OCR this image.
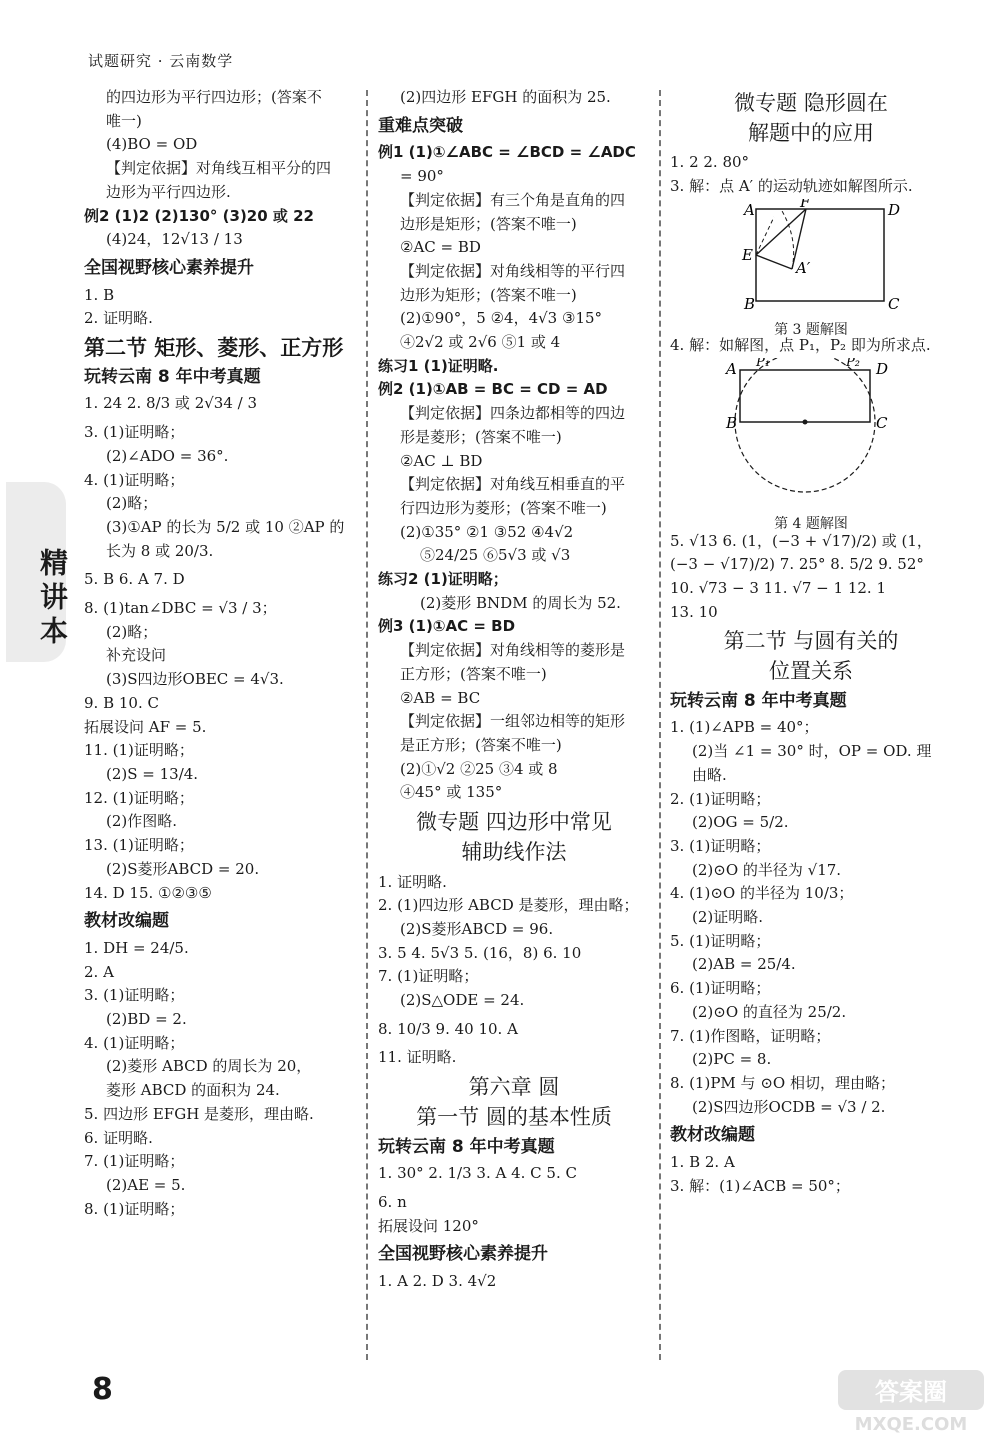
试题研究 · 云南数学
精讲本
的四边形为平行四边形；(答案不
唯一)
(4)BO = OD
【判定依据】对角线互相平分的四
边形为平行四边形.
例2 (1)2 (2)130° (3)20 或 22
(4)24，12√13 / 13
全国视野核心素养提升
1. B
2. 证明略.
第二节 矩形、菱形、正方形
玩转云南 8 年中考真题
1. 24 2. 8/3 或 2√34 / 3
3. (1)证明略；
(2)∠ADO = 36°.
4. (1)证明略；
(2)略；
(3)①AP 的长为 5/2 或 10 ②AP 的
长为 8 或 20/3.
5. B 6. A 7. D
8. (1)tan∠DBC = √3 / 3；
(2)略；
补充设问
(3)S四边形OBEC = 4√3.
9. B 10. C
拓展设问 AF = 5.
11. (1)证明略；
(2)S = 13/4.
12. (1)证明略；
(2)作图略.
13. (1)证明略；
(2)S菱形ABCD = 20.
14. D 15. ①②③⑤
教材改编题
1. DH = 24/5.
2. A
3. (1)证明略；
(2)BD = 2.
4. (1)证明略；
(2)菱形 ABCD 的周长为 20，
菱形 ABCD 的面积为 24.
5. 四边形 EFGH 是菱形，理由略.
6. 证明略.
7. (1)证明略；
(2)AE = 5.
8. (1)证明略；
(2)四边形 EFGH 的面积为 25.
重难点突破
例1 (1)①∠ABC = ∠BCD = ∠ADC
= 90°
【判定依据】有三个角是直角的四
边形是矩形；(答案不唯一)
②AC = BD
【判定依据】对角线相等的平行四
边形为矩形；(答案不唯一)
(2)①90°，5 ②4，4√3 ③15°
④2√2 或 2√6 ⑤1 或 4
练习1 (1)证明略.
例2 (1)①AB = BC = CD = AD
【判定依据】四条边都相等的四边
形是菱形；(答案不唯一)
②AC ⊥ BD
【判定依据】对角线互相垂直的平
行四边形为菱形；(答案不唯一)
(2)①35° ②1 ③52 ④4√2
⑤24/25 ⑥5√3 或 √3
练习2 (1)证明略；
(2)菱形 BNDM 的周长为 52.
例3 (1)①AC = BD
【判定依据】对角线相等的菱形是
正方形；(答案不唯一)
②AB = BC
【判定依据】一组邻边相等的矩形
是正方形；(答案不唯一)
(2)①√2 ②25 ③4 或 8
④45° 或 135°
微专题 四边形中常见
辅助线作法
1. 证明略.
2. (1)四边形 ABCD 是菱形，理由略；
(2)S菱形ABCD = 96.
3. 5 4. 5√3 5. (16，8) 6. 10
7. (1)证明略；
(2)S△ODE = 24.
8. 10/3 9. 40 10. A
11. 证明略.
第六章 圆
第一节 圆的基本性质
玩转云南 8 年中考真题
1. 30° 2. 1/3 3. A 4. C 5. C
6. n
拓展设问 120°
全国视野核心素养提升
1. A 2. D 3. 4√2
微专题 隐形圆在
解题中的应用
1. 2 2. 80°
3. 解：点 A′ 的运动轨迹如解图所示.
A	F	D
E
A′
B	C
第 3 题解图
4. 解：如解图，点 P₁，P₂ 即为所求点.
A P₁	P₂ D
B	C
第 4 题解图
5. √13 6. (1，(−3 + √17)/2) 或 (1，
(−3 − √17)/2) 7. 25° 8. 5/2 9. 52°
10. √73 − 3 11. √7 − 1 12. 1
13. 10
第二节 与圆有关的
位置关系
玩转云南 8 年中考真题
1. (1)∠APB = 40°；
(2)当 ∠1 = 30° 时，OP = OD. 理
由略.
2. (1)证明略；
(2)OG = 5/2.
3. (1)证明略；
(2)⊙O 的半径为 √17.
4. (1)⊙O 的半径为 10/3；
(2)证明略.
5. (1)证明略；
(2)AB = 25/4.
6. (1)证明略；
(2)⊙O 的直径为 25/2.
7. (1)作图略，证明略；
(2)PC = 8.
8. (1)PM 与 ⊙O 相切，理由略；
(2)S四边形OCDB = √3 / 2.
教材改编题
1. B 2. A
3. 解：(1)∠ACB = 50°；
8	答案圈
MXQE.COM
